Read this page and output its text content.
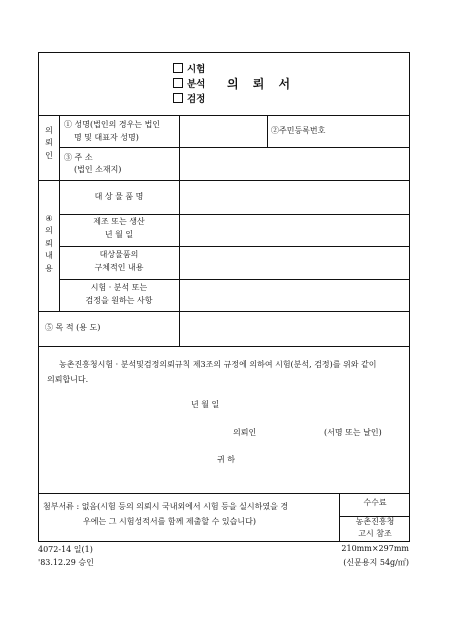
시험
분석 의 뢰 서
검정
의
뢰
인
① 성명(법인의 경우는 법인
명 및 대표자 성명)
②주민등록번호
③ 주 소
(법인 소재지)
④
의
뢰
내
용
대 상 물 품 명
제조 또는 생산
년 월 일
대상물품의
구체적인 내용
시험 · 분석 또는
검정을 원하는 사항
⑤ 목 적 (용 도)
농촌진흥청시험 · 분석및검정의뢰규칙 제3조의 규정에 의하여 시험(분석, 검정)를 위와 같이
의뢰합니다.
년 월 일
의뢰인	(서명 또는 날인)
귀 하
첨부서류 : 없음(시험 등의 의뢰시 국내외에서 시험 등을 실시하였을 경
우에는 그 시험성적서를 함께 제출할 수 있습니다)
수수료
농촌진흥청
고시 참조
4072-14 일(1)
'83.12.29 승인
210mm×297mm
(신문용지 54g/㎡)
